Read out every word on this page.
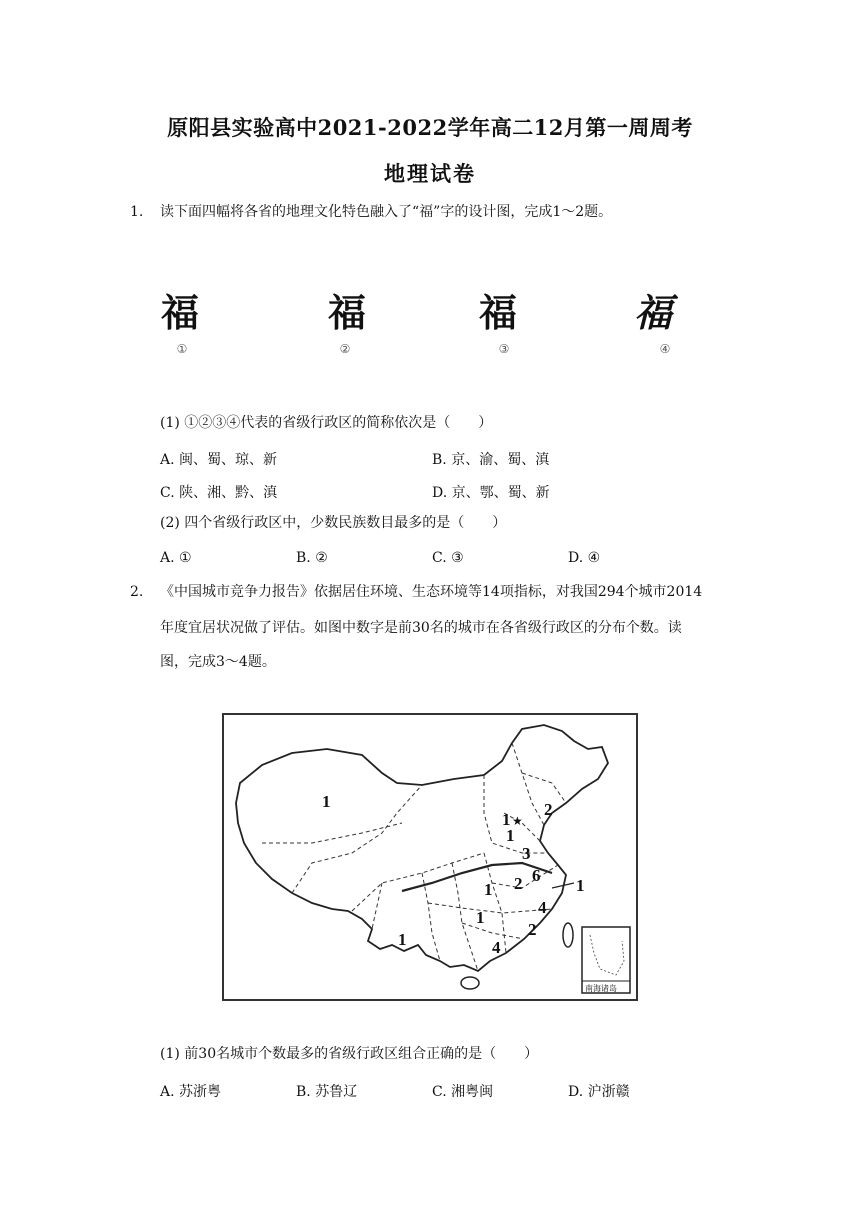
原阳县实验高中2021-2022学年高二12月第一周周考
地理试卷
1. 读下面四幅将各省的地理文化特色融入了“福”字的设计图，完成1～2题。
福	福	福	福
①	②	③	④
(1) ①②③④代表的省级行政区的简称依次是（　　）
A. 闽、蜀、琼、新	B. 京、渝、蜀、滇
C. 陕、湘、黔、滇	D. 京、鄂、蜀、新
(2) 四个省级行政区中，少数民族数目最多的是（　　）
A. ①	B. ②	C. ③	D. ④
2. 《中国城市竞争力报告》依据居住环境、生态环境等14项指标，对我国294个城市2014
年度宜居状况做了评估。如图中数字是前30名的城市在各省级行政区的分布个数。读
图，完成3～4题。
★
1	2
1
1
3
6
1
2
1
4
1
2
1	4
南海诸岛
(1) 前30名城市个数最多的省级行政区组合正确的是（　　）
A. 苏浙粤	B. 苏鲁辽	C. 湘粤闽	D. 沪浙赣
